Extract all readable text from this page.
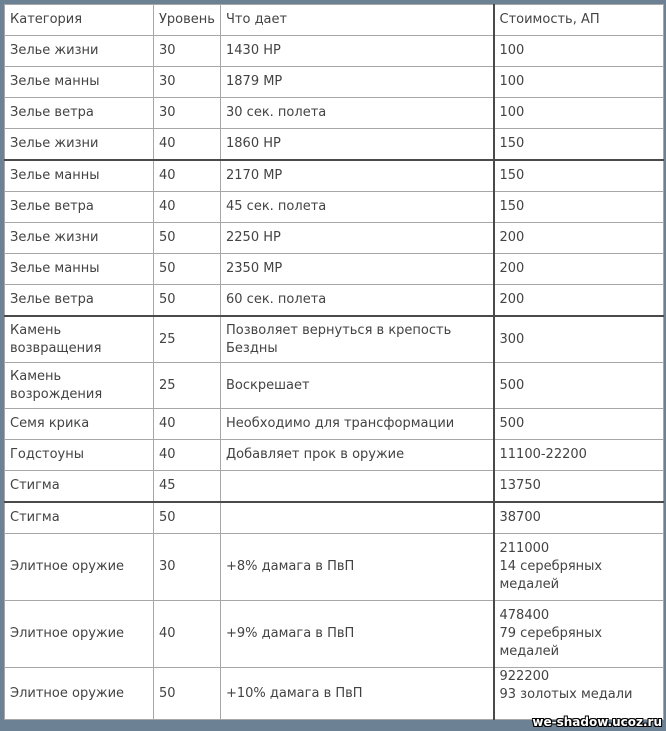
Категория	Уровень	Что дает	Стоимость, АП
Зелье жизни	30	1430 HP	100

Зелье манны	30	1879 MP	100

Зелье ветра	30	30 сек. полета	100

Зелье жизни	40	1860 HP	150

Зелье манны	40	2170 MP	150

Зелье ветра	40	45 сек. полета	150

Зелье жизни	50	2250 HP	200

Зелье манны	50	2350 MP	200

Зелье ветра	50	60 сек. полета	200

Камень возвращения	25	Позволяет вернуться в крепость Бездны	300

Камень возрождения	25	Воскрешает	500

Семя крика	40	Необходимо для трансформации	500

Годстоуны	40	Добавляет прок в оружие	11100-22200

Стигма	45		13750

Стигма	50		38700

Элитное оружие	30	+8% дамага в ПвП	211000
14 серебряных медалей

Элитное оружие	40	+9% дамага в ПвП	478400
79 серебряных медалей

Элитное оружие	50	+10% дамага в ПвП	922200
93 золотых медали
we-shadow.ucoz.ru
